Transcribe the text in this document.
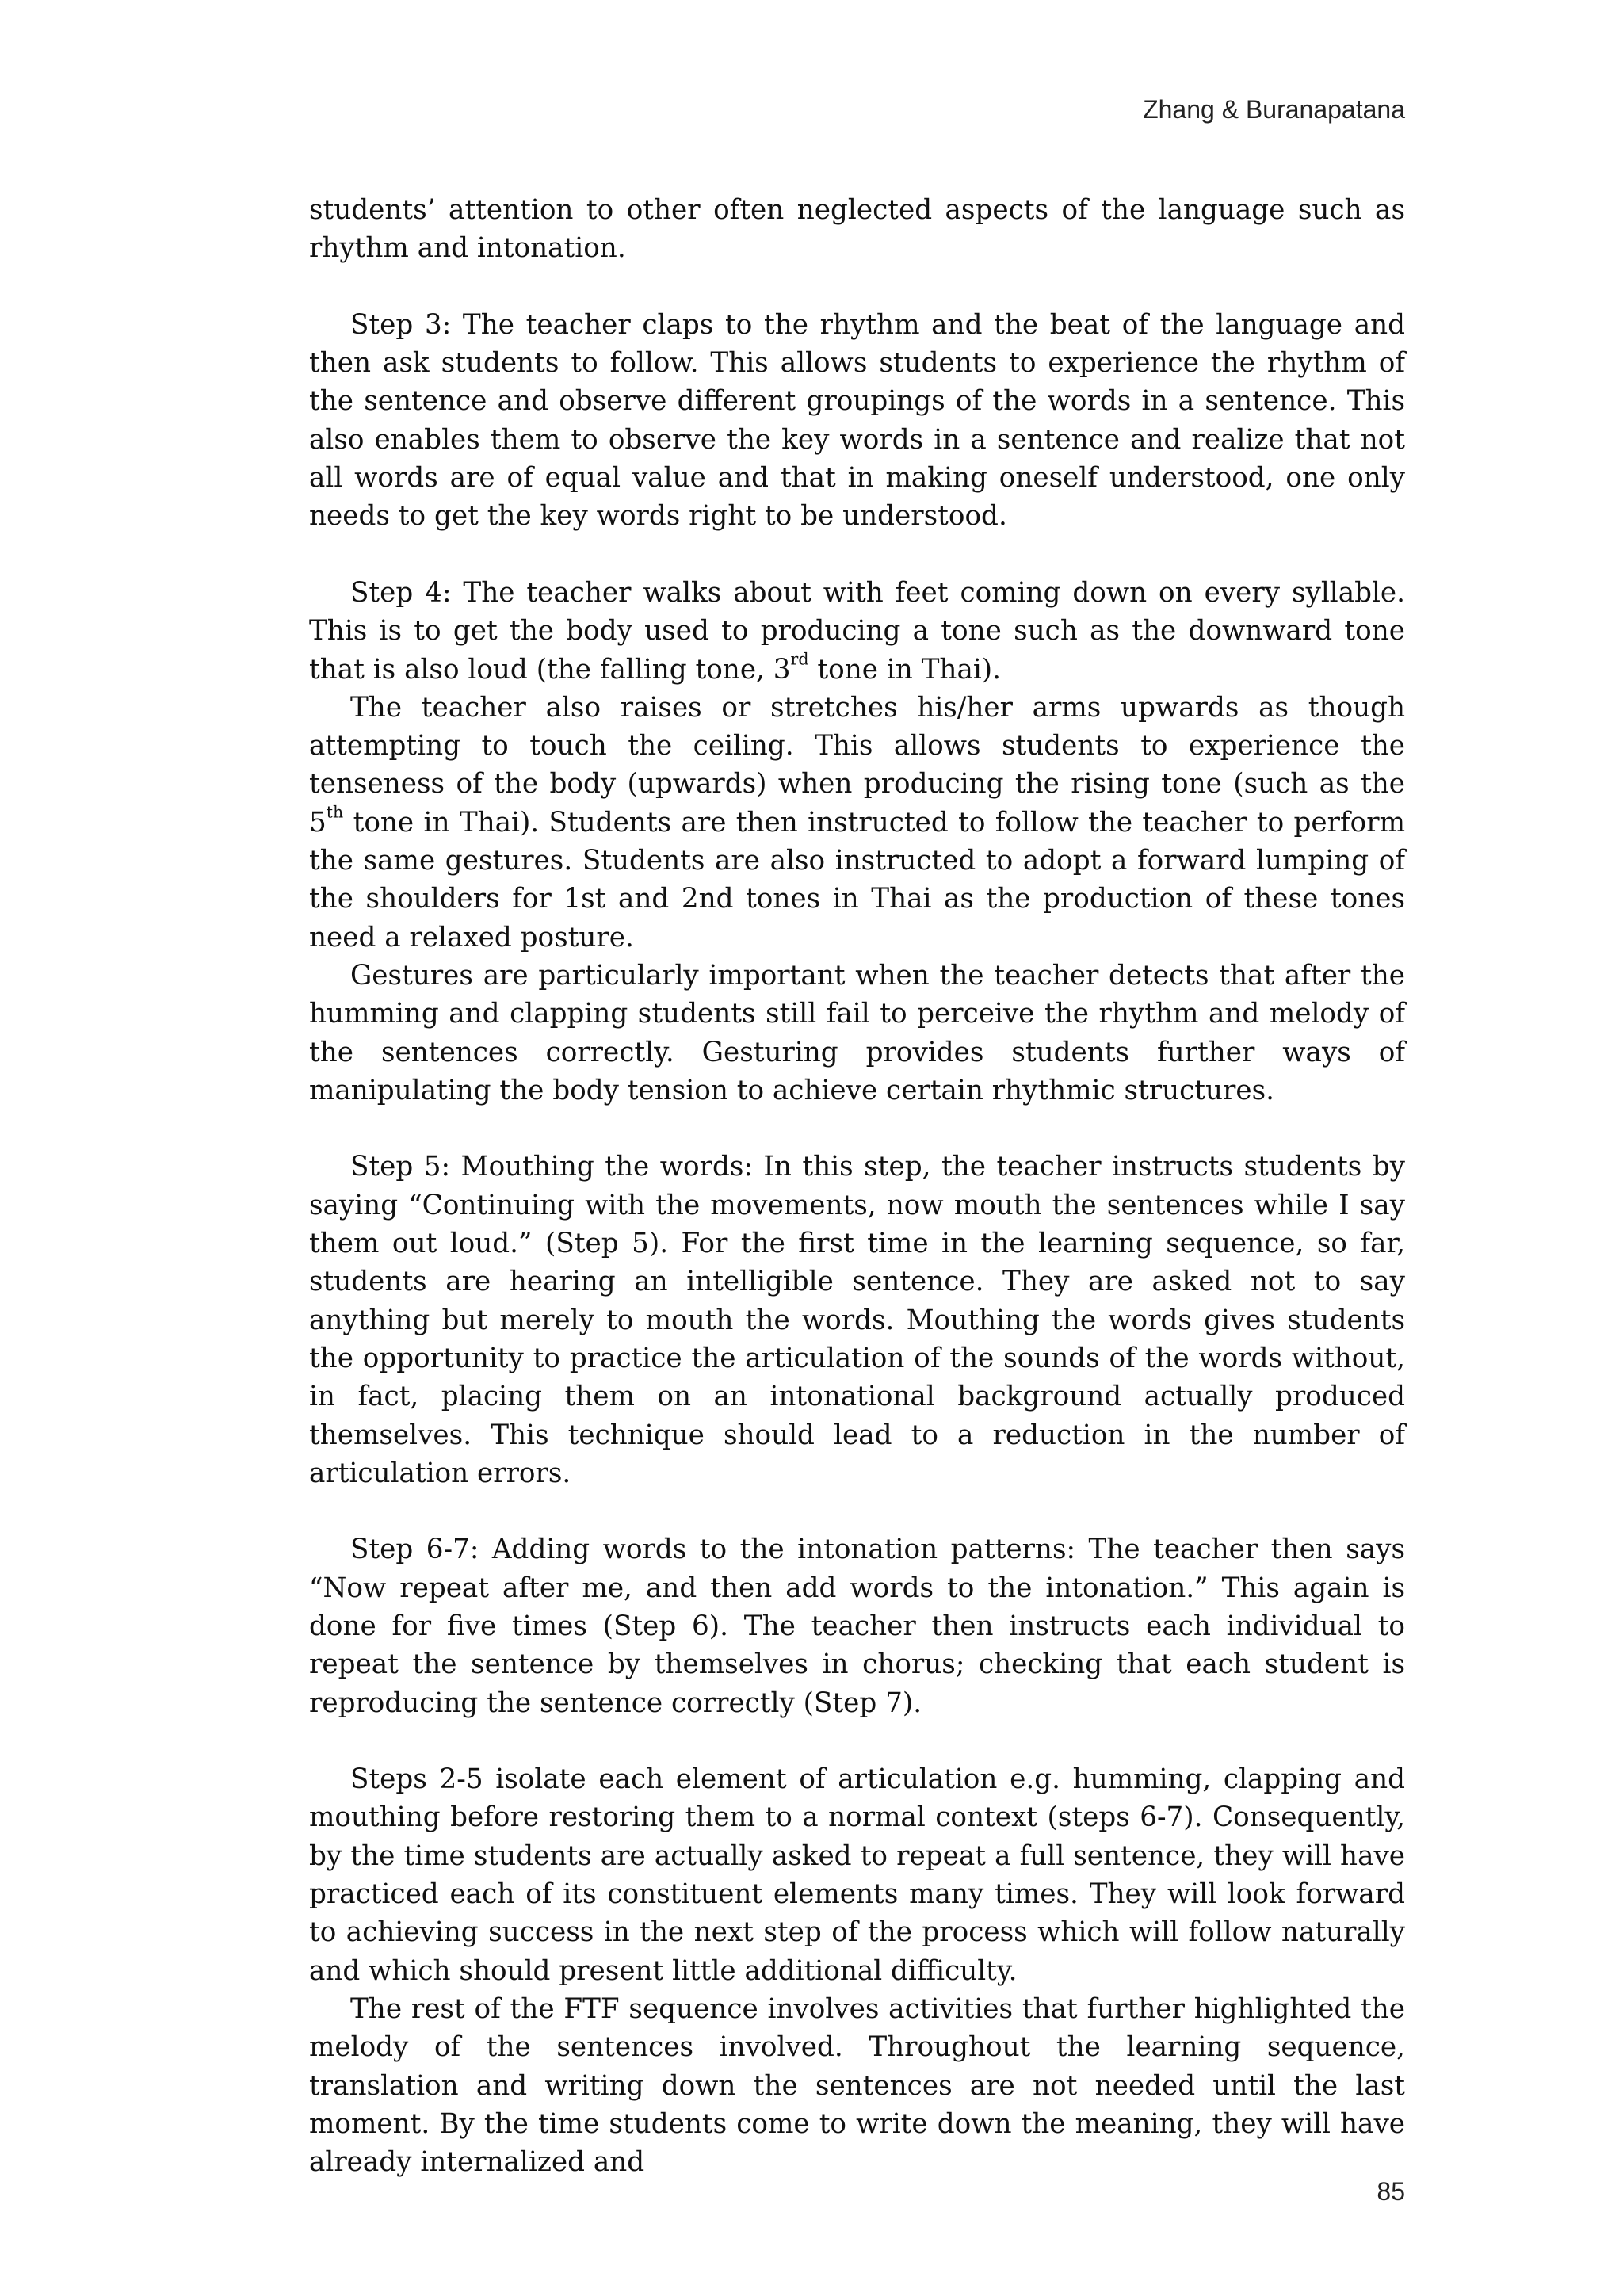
Zhang & Buranapatana

students’ attention to other often neglected aspects of the language such as rhythm and intonation.

Step 3: The teacher claps to the rhythm and the beat of the language and then ask students to follow. This allows students to experience the rhythm of the sentence and observe different groupings of the words in a sentence. This also enables them to observe the key words in a sentence and realize that not all words are of equal value and that in making oneself understood, one only needs to get the key words right to be understood.

Step 4: The teacher walks about with feet coming down on every syllable. This is to get the body used to producing a tone such as the downward tone that is also loud (the falling tone, 3rd tone in Thai).

The teacher also raises or stretches his/her arms upwards as though attempting to touch the ceiling. This allows students to experience the tenseness of the body (upwards) when producing the rising tone (such as the 5th tone in Thai). Students are then instructed to follow the teacher to perform the same gestures. Students are also instructed to adopt a forward lumping of the shoulders for 1st and 2nd tones in Thai as the production of these tones need a relaxed posture.

Gestures are particularly important when the teacher detects that after the humming and clapping students still fail to perceive the rhythm and melody of the sentences correctly. Gesturing provides students further ways of manipulating the body tension to achieve certain rhythmic structures.

Step 5: Mouthing the words: In this step, the teacher instructs students by saying “Continuing with the movements, now mouth the sentences while I say them out loud.” (Step 5). For the first time in the learning sequence, so far, students are hearing an intelligible sentence. They are asked not to say anything but merely to mouth the words. Mouthing the words gives students the opportunity to practice the articulation of the sounds of the words without, in fact, placing them on an intonational background actually produced themselves. This technique should lead to a reduction in the number of articulation errors.

Step 6-7: Adding words to the intonation patterns: The teacher then says “Now repeat after me, and then add words to the intonation.” This again is done for five times (Step 6). The teacher then instructs each individual to repeat the sentence by themselves in chorus; checking that each student is reproducing the sentence correctly (Step 7).

Steps 2-5 isolate each element of articulation e.g. humming, clapping and mouthing before restoring them to a normal context (steps 6-7). Consequently, by the time students are actually asked to repeat a full sentence, they will have practiced each of its constituent elements many times. They will look forward to achieving success in the next step of the process which will follow naturally and which should present little additional difficulty.

The rest of the FTF sequence involves activities that further highlighted the melody of the sentences involved. Throughout the learning sequence, translation and writing down the sentences are not needed until the last moment. By the time students come to write down the meaning, they will have already internalized and

85
